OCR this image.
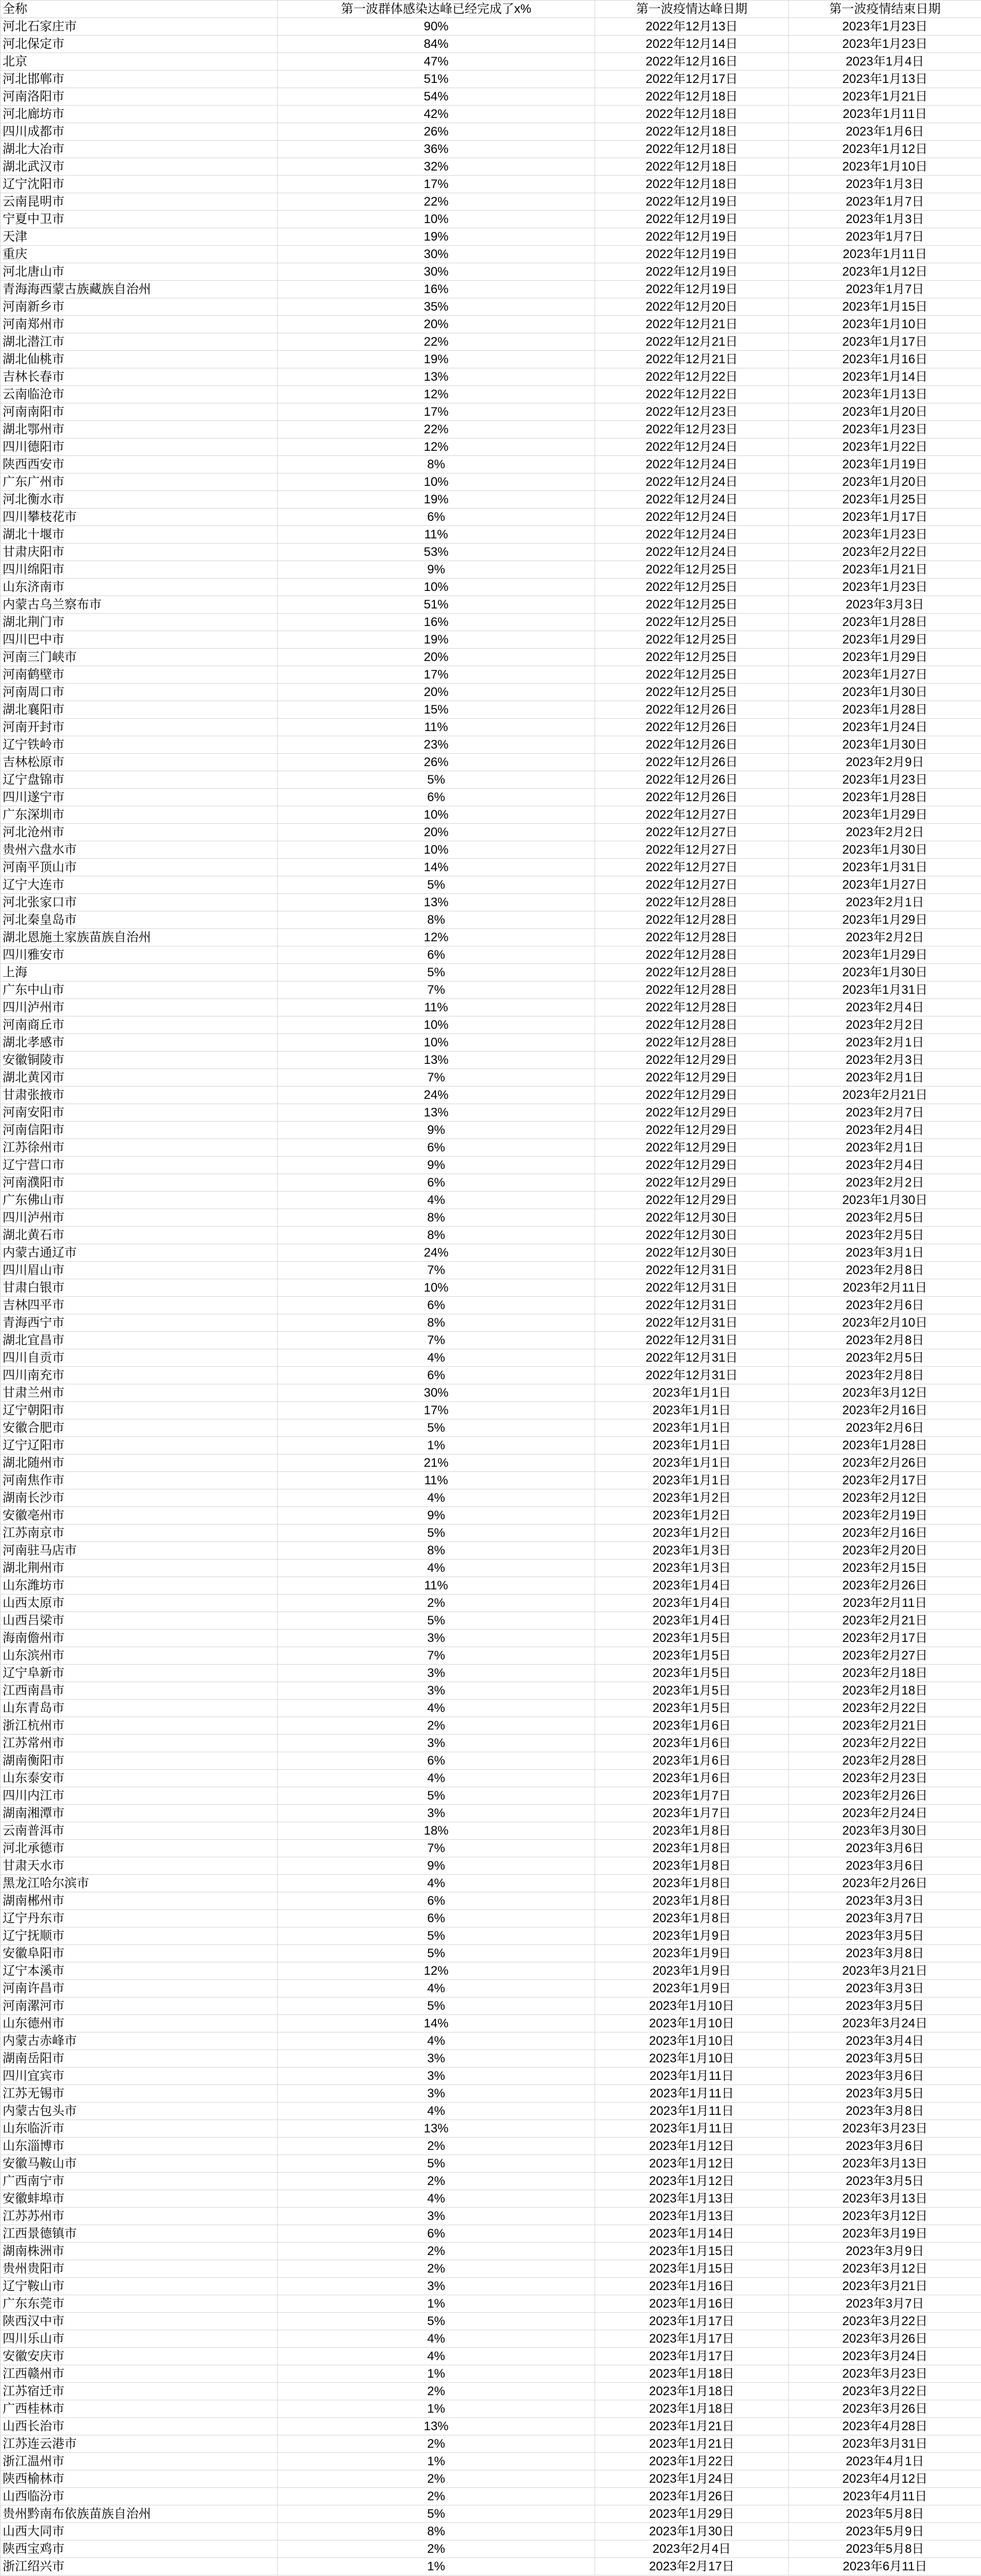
全称	第一波群体感染达峰已经完成了x%	第一波疫情达峰日期	第一波疫情结束日期
河北石家庄市	90%	2022年12月13日	2023年1月23日
河北保定市	84%	2022年12月14日	2023年1月23日
北京	47%	2022年12月16日	2023年1月4日
河北邯郸市	51%	2022年12月17日	2023年1月13日
河南洛阳市	54%	2022年12月18日	2023年1月21日
河北廊坊市	42%	2022年12月18日	2023年1月11日
四川成都市	26%	2022年12月18日	2023年1月6日
湖北大冶市	36%	2022年12月18日	2023年1月12日
湖北武汉市	32%	2022年12月18日	2023年1月10日
辽宁沈阳市	17%	2022年12月18日	2023年1月3日
云南昆明市	22%	2022年12月19日	2023年1月7日
宁夏中卫市	10%	2022年12月19日	2023年1月3日
天津	19%	2022年12月19日	2023年1月7日
重庆	30%	2022年12月19日	2023年1月11日
河北唐山市	30%	2022年12月19日	2023年1月12日
青海海西蒙古族藏族自治州	16%	2022年12月19日	2023年1月7日
河南新乡市	35%	2022年12月20日	2023年1月15日
河南郑州市	20%	2022年12月21日	2023年1月10日
湖北潜江市	22%	2022年12月21日	2023年1月17日
湖北仙桃市	19%	2022年12月21日	2023年1月16日
吉林长春市	13%	2022年12月22日	2023年1月14日
云南临沧市	12%	2022年12月22日	2023年1月13日
河南南阳市	17%	2022年12月23日	2023年1月20日
湖北鄂州市	22%	2022年12月23日	2023年1月23日
四川德阳市	12%	2022年12月24日	2023年1月22日
陕西西安市	8%	2022年12月24日	2023年1月19日
广东广州市	10%	2022年12月24日	2023年1月20日
河北衡水市	19%	2022年12月24日	2023年1月25日
四川攀枝花市	6%	2022年12月24日	2023年1月17日
湖北十堰市	11%	2022年12月24日	2023年1月23日
甘肃庆阳市	53%	2022年12月24日	2023年2月22日
四川绵阳市	9%	2022年12月25日	2023年1月21日
山东济南市	10%	2022年12月25日	2023年1月23日
内蒙古乌兰察布市	51%	2022年12月25日	2023年3月3日
湖北荆门市	16%	2022年12月25日	2023年1月28日
四川巴中市	19%	2022年12月25日	2023年1月29日
河南三门峡市	20%	2022年12月25日	2023年1月29日
河南鹤壁市	17%	2022年12月25日	2023年1月27日
河南周口市	20%	2022年12月25日	2023年1月30日
湖北襄阳市	15%	2022年12月26日	2023年1月28日
河南开封市	11%	2022年12月26日	2023年1月24日
辽宁铁岭市	23%	2022年12月26日	2023年1月30日
吉林松原市	26%	2022年12月26日	2023年2月9日
辽宁盘锦市	5%	2022年12月26日	2023年1月23日
四川遂宁市	6%	2022年12月26日	2023年1月28日
广东深圳市	10%	2022年12月27日	2023年1月29日
河北沧州市	20%	2022年12月27日	2023年2月2日
贵州六盘水市	10%	2022年12月27日	2023年1月30日
河南平顶山市	14%	2022年12月27日	2023年1月31日
辽宁大连市	5%	2022年12月27日	2023年1月27日
河北张家口市	13%	2022年12月28日	2023年2月1日
河北秦皇岛市	8%	2022年12月28日	2023年1月29日
湖北恩施土家族苗族自治州	12%	2022年12月28日	2023年2月2日
四川雅安市	6%	2022年12月28日	2023年1月29日
上海	5%	2022年12月28日	2023年1月30日
广东中山市	7%	2022年12月28日	2023年1月31日
四川泸州市	11%	2022年12月28日	2023年2月4日
河南商丘市	10%	2022年12月28日	2023年2月2日
湖北孝感市	10%	2022年12月28日	2023年2月1日
安徽铜陵市	13%	2022年12月29日	2023年2月3日
湖北黄冈市	7%	2022年12月29日	2023年2月1日
甘肃张掖市	24%	2022年12月29日	2023年2月21日
河南安阳市	13%	2022年12月29日	2023年2月7日
河南信阳市	9%	2022年12月29日	2023年2月4日
江苏徐州市	6%	2022年12月29日	2023年2月1日
辽宁营口市	9%	2022年12月29日	2023年2月4日
河南濮阳市	6%	2022年12月29日	2023年2月2日
广东佛山市	4%	2022年12月29日	2023年1月30日
四川泸州市	8%	2022年12月30日	2023年2月5日
湖北黄石市	8%	2022年12月30日	2023年2月5日
内蒙古通辽市	24%	2022年12月30日	2023年3月1日
四川眉山市	7%	2022年12月31日	2023年2月8日
甘肃白银市	10%	2022年12月31日	2023年2月11日
吉林四平市	6%	2022年12月31日	2023年2月6日
青海西宁市	8%	2022年12月31日	2023年2月10日
湖北宜昌市	7%	2022年12月31日	2023年2月8日
四川自贡市	4%	2022年12月31日	2023年2月5日
四川南充市	6%	2022年12月31日	2023年2月8日
甘肃兰州市	30%	2023年1月1日	2023年3月12日
辽宁朝阳市	17%	2023年1月1日	2023年2月16日
安徽合肥市	5%	2023年1月1日	2023年2月6日
辽宁辽阳市	1%	2023年1月1日	2023年1月28日
湖北随州市	21%	2023年1月1日	2023年2月26日
河南焦作市	11%	2023年1月1日	2023年2月17日
湖南长沙市	4%	2023年1月2日	2023年2月12日
安徽亳州市	9%	2023年1月2日	2023年2月19日
江苏南京市	5%	2023年1月2日	2023年2月16日
河南驻马店市	8%	2023年1月3日	2023年2月20日
湖北荆州市	4%	2023年1月3日	2023年2月15日
山东潍坊市	11%	2023年1月4日	2023年2月26日
山西太原市	2%	2023年1月4日	2023年2月11日
山西吕梁市	5%	2023年1月4日	2023年2月21日
海南儋州市	3%	2023年1月5日	2023年2月17日
山东滨州市	7%	2023年1月5日	2023年2月27日
辽宁阜新市	3%	2023年1月5日	2023年2月18日
江西南昌市	3%	2023年1月5日	2023年2月18日
山东青岛市	4%	2023年1月5日	2023年2月22日
浙江杭州市	2%	2023年1月6日	2023年2月21日
江苏常州市	3%	2023年1月6日	2023年2月22日
湖南衡阳市	6%	2023年1月6日	2023年2月28日
山东泰安市	4%	2023年1月6日	2023年2月23日
四川内江市	5%	2023年1月7日	2023年2月26日
湖南湘潭市	3%	2023年1月7日	2023年2月24日
云南普洱市	18%	2023年1月8日	2023年3月30日
河北承德市	7%	2023年1月8日	2023年3月6日
甘肃天水市	9%	2023年1月8日	2023年3月6日
黑龙江哈尔滨市	4%	2023年1月8日	2023年2月26日
湖南郴州市	6%	2023年1月8日	2023年3月3日
辽宁丹东市	6%	2023年1月8日	2023年3月7日
辽宁抚顺市	5%	2023年1月9日	2023年3月5日
安徽阜阳市	5%	2023年1月9日	2023年3月8日
辽宁本溪市	12%	2023年1月9日	2023年3月21日
河南许昌市	4%	2023年1月9日	2023年3月3日
河南漯河市	5%	2023年1月10日	2023年3月5日
山东德州市	14%	2023年1月10日	2023年3月24日
内蒙古赤峰市	4%	2023年1月10日	2023年3月4日
湖南岳阳市	3%	2023年1月10日	2023年3月5日
四川宜宾市	3%	2023年1月11日	2023年3月6日
江苏无锡市	3%	2023年1月11日	2023年3月5日
内蒙古包头市	4%	2023年1月11日	2023年3月8日
山东临沂市	13%	2023年1月11日	2023年3月23日
山东淄博市	2%	2023年1月12日	2023年3月6日
安徽马鞍山市	5%	2023年1月12日	2023年3月13日
广西南宁市	2%	2023年1月12日	2023年3月5日
安徽蚌埠市	4%	2023年1月13日	2023年3月13日
江苏苏州市	3%	2023年1月13日	2023年3月12日
江西景德镇市	6%	2023年1月14日	2023年3月19日
湖南株洲市	2%	2023年1月15日	2023年3月9日
贵州贵阳市	2%	2023年1月15日	2023年3月12日
辽宁鞍山市	3%	2023年1月16日	2023年3月21日
广东东莞市	1%	2023年1月16日	2023年3月7日
陕西汉中市	5%	2023年1月17日	2023年3月22日
四川乐山市	4%	2023年1月17日	2023年3月26日
安徽安庆市	4%	2023年1月17日	2023年3月24日
江西赣州市	1%	2023年1月18日	2023年3月23日
江苏宿迁市	2%	2023年1月18日	2023年3月22日
广西桂林市	1%	2023年1月18日	2023年3月26日
山西长治市	13%	2023年1月21日	2023年4月28日
江苏连云港市	2%	2023年1月21日	2023年3月31日
浙江温州市	1%	2023年1月22日	2023年4月1日
陕西榆林市	2%	2023年1月24日	2023年4月12日
山西临汾市	2%	2023年1月26日	2023年4月11日
贵州黔南布依族苗族自治州	5%	2023年1月29日	2023年5月8日
山西大同市	8%	2023年1月30日	2023年5月9日
陕西宝鸡市	2%	2023年2月4日	2023年5月8日
浙江绍兴市	1%	2023年2月17日	2023年6月11日
